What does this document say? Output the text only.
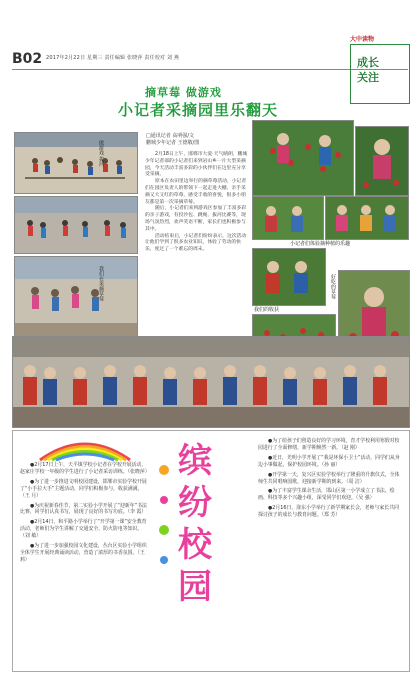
B02 2017年2月22日 星期三 责任编辑 张晓萍 责任校对 刘 燕
大中读物
成长
关注
摘草莓 做游戏
小记者采摘园里乐翻天
做游戏 拔河
我们在采摘草莓
□通讯记者 高明强/文
鹏城少年记者 王德敬/图

2月18日上午，邯郸市大爱·天气晴朗，鹏城少年记者部的小记者们来到岩山乡一片大型采摘园，今天活动丰富多彩的小伙伴们在这里充分享受采摘。

原本在农田里边举行的摘草莓活动，小记者们在园区负责人的带领下一起走进大棚，亲手采摘又大又红的草莓，感受丰收的喜悦，很多小朋友都是第一次采摘草莓。

随后，小记者们来到游戏区参加了丰富多彩的亲子游戏，有投沙包、跳绳、拔河比赛等，现场气氛热烈，欢声笑语不断，家长们也积极参与其中。

活动结束后，小记者们纷纷表示，这次活动让他们学到了很多农业知识，体验了劳动的快乐，度过了一个难忘的周末。

小记者们体验摘种植的乐趣
我们的收获
好吃的草莓

●2月17日上午，天平镇学校小记者在学校开展活动，赵家庄学校一年级的学生进行了小记者采访训练。（张晓萍）

●为了进一步推进文明校园建设，邯郸市实验学校开展了“小手拉大手”主题活动，同学们积极参与，收获满满。（王 月）

●为庆祝新春佳节，第二实验小学开展了“迎新年”书法比赛，同学们认真书写，展现了良好的书写功底。（李 霞）

●2月14日，和平路小学举行了“开学第一课”安全教育活动，老师们为学生讲解了交通安全、防火防电等知识。（刘 敏）

●为了进一步加强校园文化建设，丛台区实验小学组织全体学生开展经典诵读活动，营造了浓厚的书香氛围。（王 莉）

缤
纷
校
园

●为了给孩子们创造良好的学习环境，育才学校利用寒假对校园进行了全面修缮，新学期焕然一新。（赵 刚）

●近日，光明小学开展了“我是环保小卫士”活动，同学们从身边小事做起，保护校园环境。（孙 丽）

●开学第一天，复兴区实验学校举行了隆重的升旗仪式，全体师生共同唱响国歌，迎接新学期的到来。（周 洁）

●为了丰富学生课余生活，邯山区第一小学成立了书法、绘画、科技等多个兴趣小组，深受同学们欢迎。（吴 强）

●2月16日，滏东小学举行了新学期家长会，老师与家长共同探讨孩子的成长与教育问题。（郑 芳）
